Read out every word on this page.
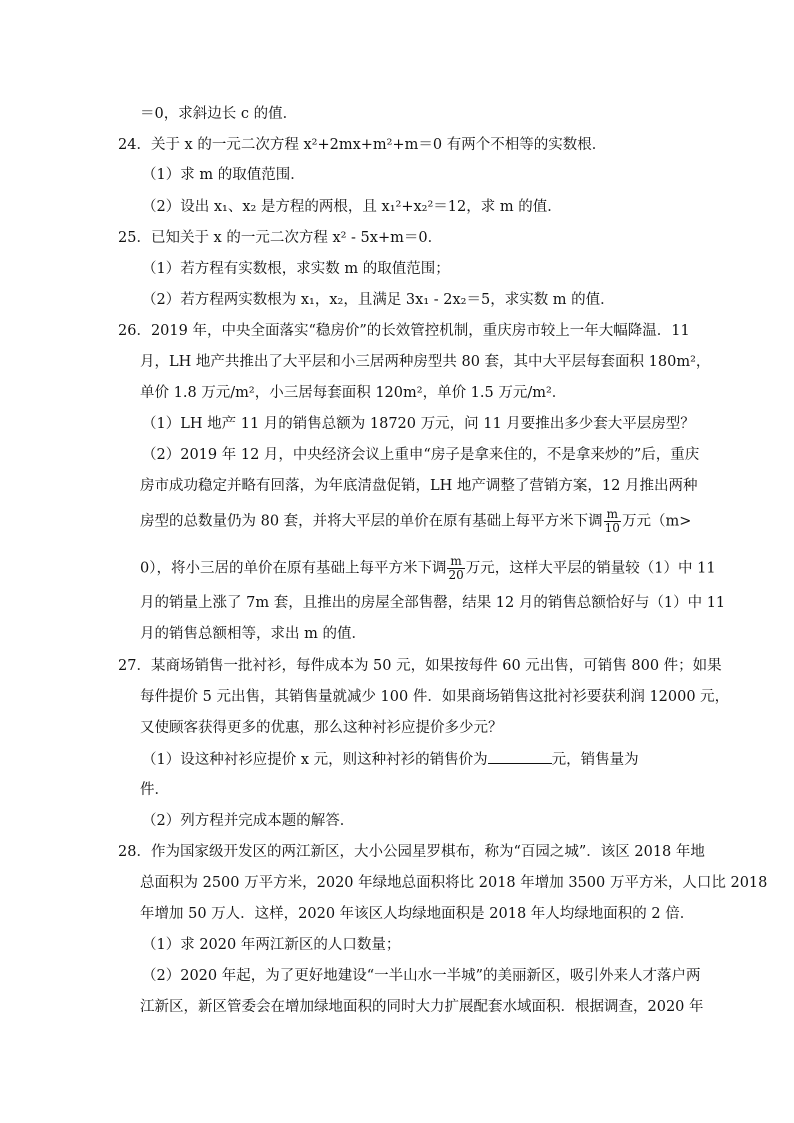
＝0，求斜边长 c 的值．
24．关于 x 的一元二次方程 x²+2mx+m²+m＝0 有两个不相等的实数根．
（1）求 m 的取值范围．
（2）设出 x₁、x₂ 是方程的两根，且 x₁²+x₂²＝12，求 m 的值．
25．已知关于 x 的一元二次方程 x² - 5x+m＝0．
（1）若方程有实数根，求实数 m 的取值范围；
（2）若方程两实数根为 x₁，x₂，且满足 3x₁ - 2x₂＝5，求实数 m 的值．
26．2019 年，中央全面落实“稳房价”的长效管控机制，重庆房市较上一年大幅降温．11
月，LH 地产共推出了大平层和小三居两种房型共 80 套，其中大平层每套面积 180m²，
单价 1.8 万元/m²，小三居每套面积 120m²，单价 1.5 万元/m²．
（1）LH 地产 11 月的销售总额为 18720 万元，问 11 月要推出多少套大平层房型？
（2）2019 年 12 月，中央经济会议上重申“房子是拿来住的，不是拿来炒的”后，重庆
房市成功稳定并略有回落，为年底清盘促销，LH 地产调整了营销方案，12 月推出两种
房型的总数量仍为 80 套，并将大平层的单价在原有基础上每平方米下调 $\frac{m}{10}$ 万元（m>
0），将小三居的单价在原有基础上每平方米下调 $\frac{m}{20}$ 万元，这样大平层的销量较（1）中 11
月的销量上涨了 7m 套，且推出的房屋全部售罄，结果 12 月的销售总额恰好与（1）中 11
月的销售总额相等，求出 m 的值．
27．某商场销售一批衬衫，每件成本为 50 元，如果按每件 60 元出售，可销售 800 件；如果
每件提价 5 元出售，其销售量就减少 100 件．如果商场销售这批衬衫要获利润 12000 元，
又使顾客获得更多的优惠，那么这种衬衫应提价多少元？
（1）设这种衬衫应提价 x 元，则这种衬衫的销售价为	元，销售量为
件．
（2）列方程并完成本题的解答．
28．作为国家级开发区的两江新区，大小公园星罗棋布，称为“百园之城”．该区 2018 年地
总面积为 2500 万平方米，2020 年绿地总面积将比 2018 年增加 3500 万平方米，人口比 2018
年增加 50 万人．这样，2020 年该区人均绿地面积是 2018 年人均绿地面积的 2 倍．
（1）求 2020 年两江新区的人口数量；
（2）2020 年起，为了更好地建设“一半山水一半城”的美丽新区，吸引外来人才落户两
江新区，新区管委会在增加绿地面积的同时大力扩展配套水域面积．根据调查，2020 年
